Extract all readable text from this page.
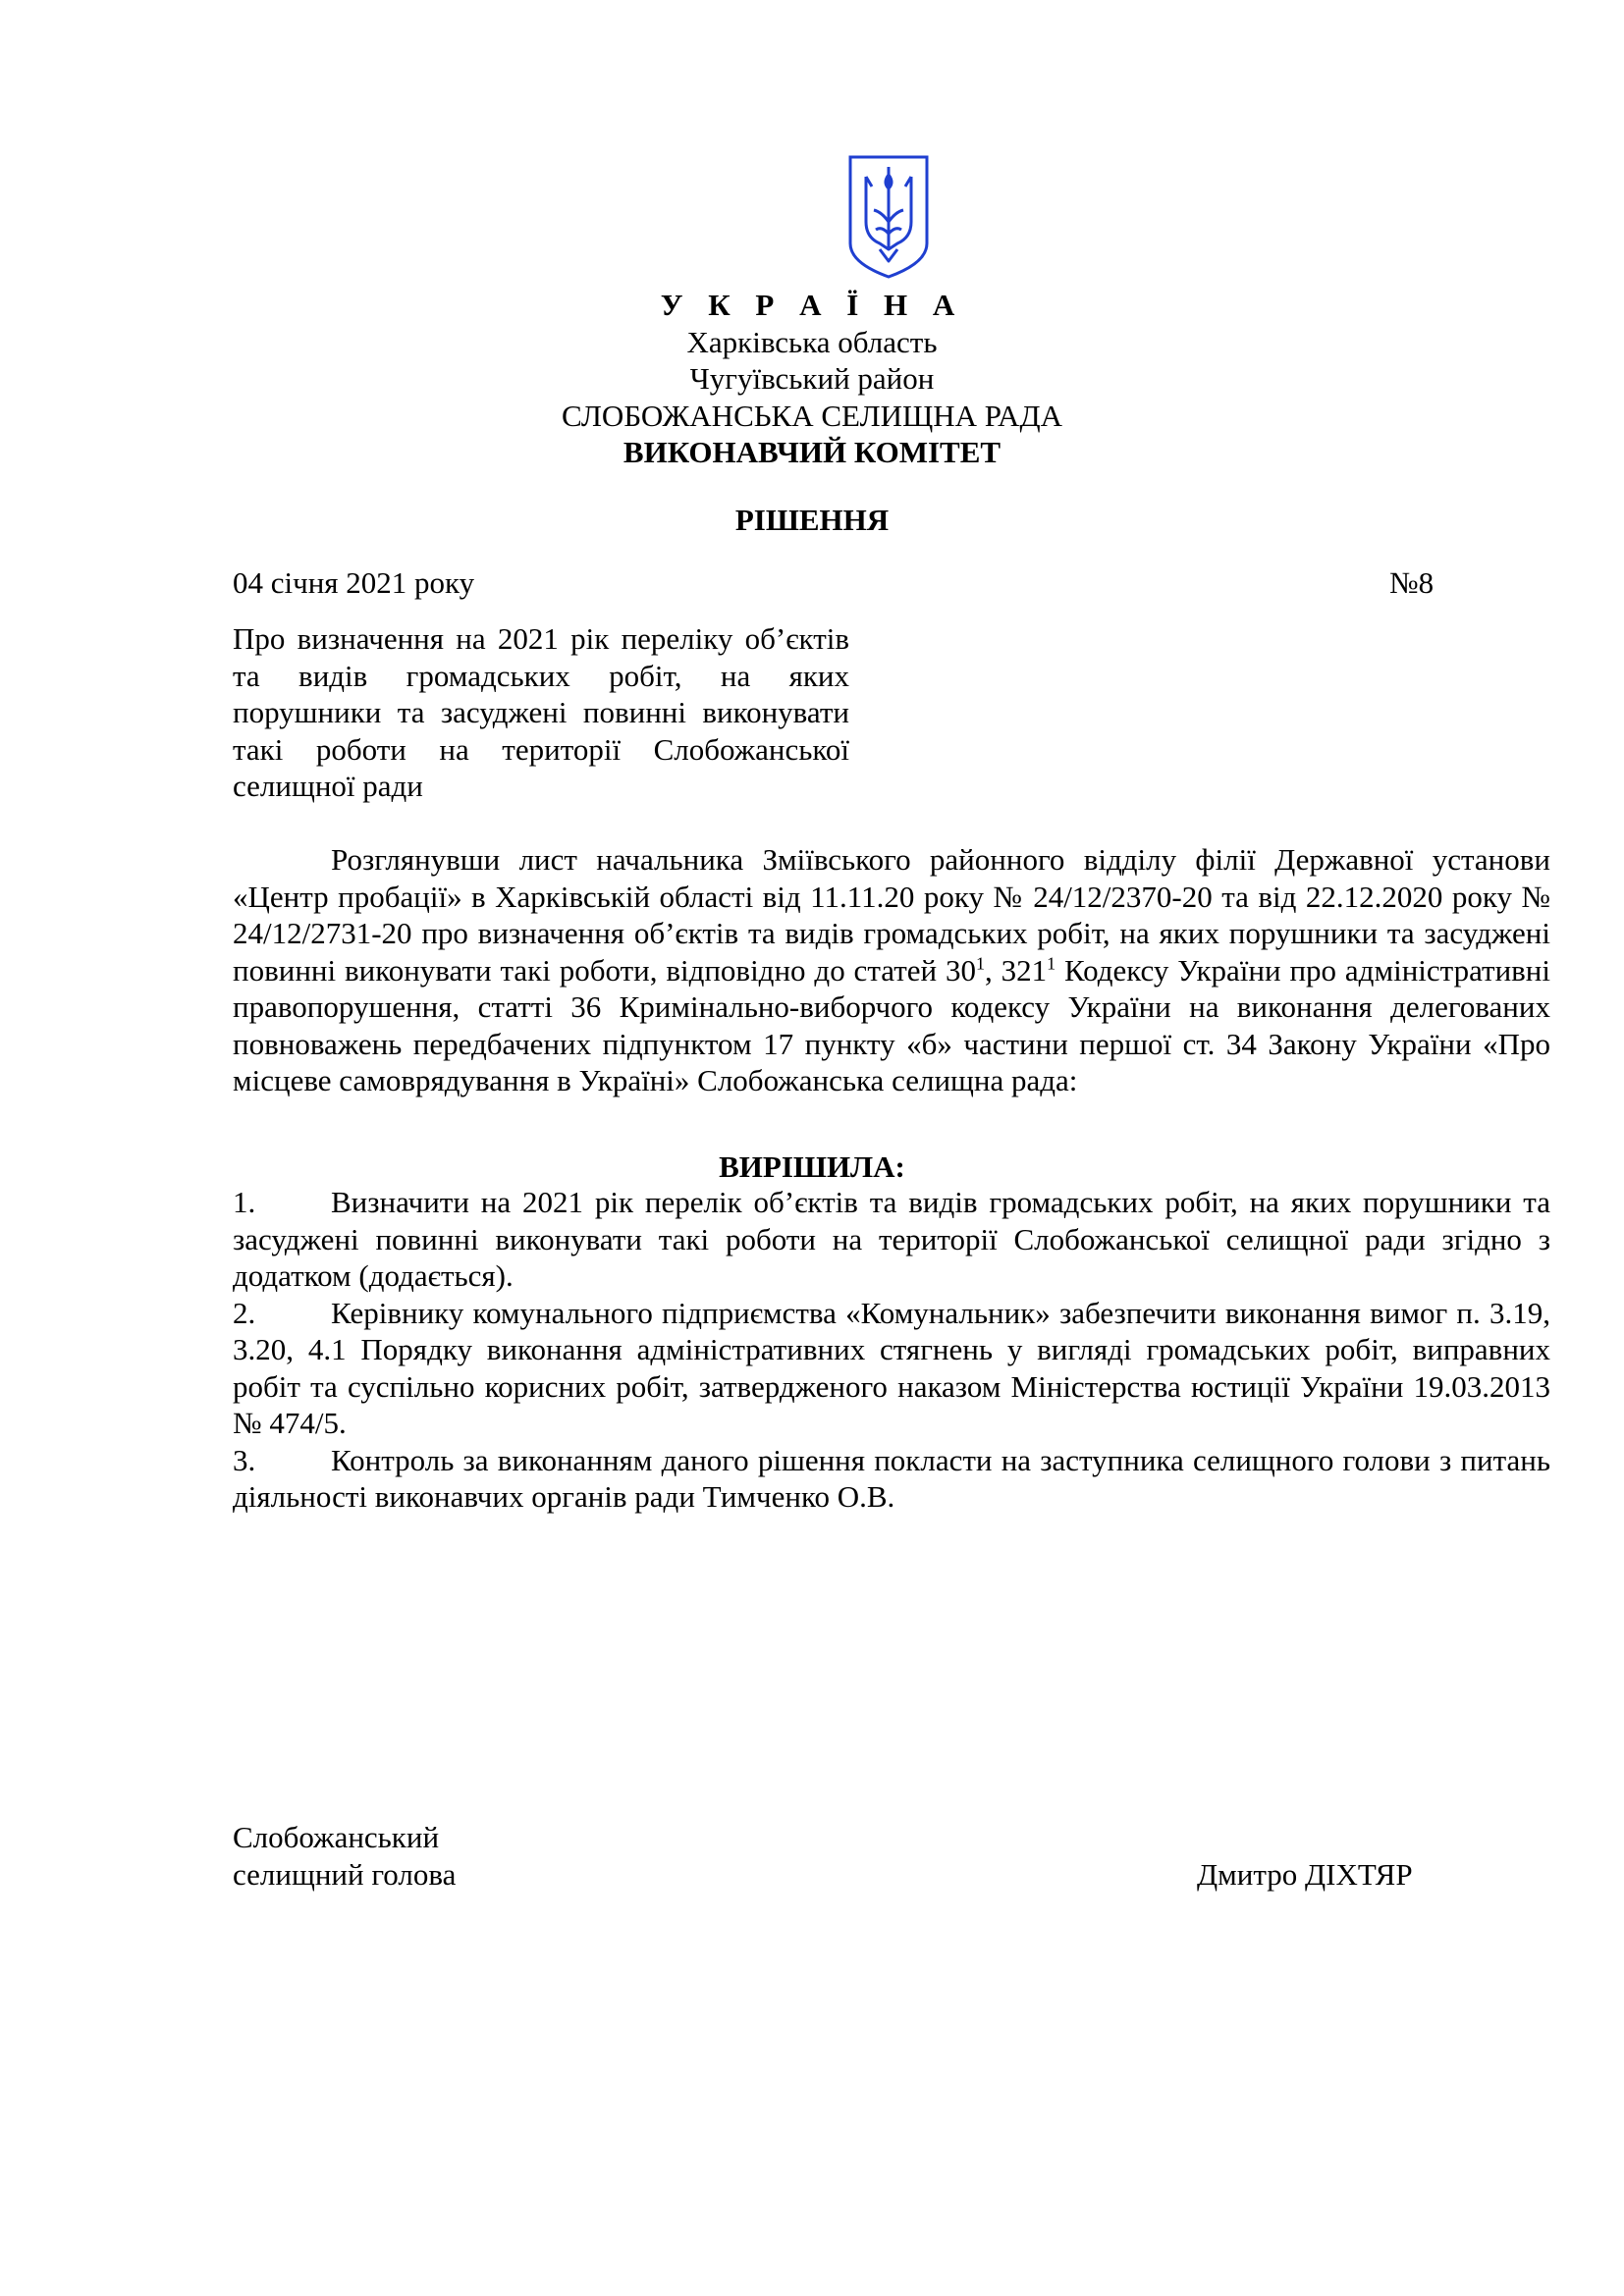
У К Р А Ї Н А
Харківська область
Чугуївський район
СЛОБОЖАНСЬКА СЕЛИЩНА РАДА
ВИКОНАВЧИЙ КОМІТЕТ
РІШЕННЯ
04 січня 2021 року	№8
Про визначення на 2021 рік переліку об’єктів та видів громадських робіт, на яких порушники та засуджені повинні виконувати такі роботи на території Слобожанської селищної ради

Розглянувши лист начальника Зміївського районного відділу філії Державної установи «Центр пробації» в Харківській області від 11.11.20 року № 24/12/2370-20 та від 22.12.2020 року № 24/12/2731-20 про визначення об’єктів та видів громадських робіт, на яких порушники та засуджені повинні виконувати такі роботи, відповідно до статей $30^1$, $321^1$ Кодексу України про адміністративні правопорушення, статті 36 Кримінально-виборчого кодексу України на виконання делегованих повноважень передбачених підпунктом 17 пункту «б» частини першої ст. 34 Закону України «Про місцеве самоврядування в Україні» Слобожанська селищна рада:

ВИРІШИЛА:

1. Визначити на 2021 рік перелік об’єктів та видів громадських робіт, на яких порушники та засуджені повинні виконувати такі роботи на території Слобожанської селищної ради згідно з додатком (додається).

2. Керівнику комунального підприємства «Комунальник» забезпечити виконання вимог п. 3.19, 3.20, 4.1 Порядку виконання адміністративних стягнень у вигляді громадських робіт, виправних робіт та суспільно корисних робіт, затвердженого наказом Міністерства юстиції України 19.03.2013 № 474/5.

3. Контроль за виконанням даного рішення покласти на заступника селищного голови з питань діяльності виконавчих органів ради Тимченко О.В.

Слобожанський
селищний голова	Дмитро ДІХТЯР
